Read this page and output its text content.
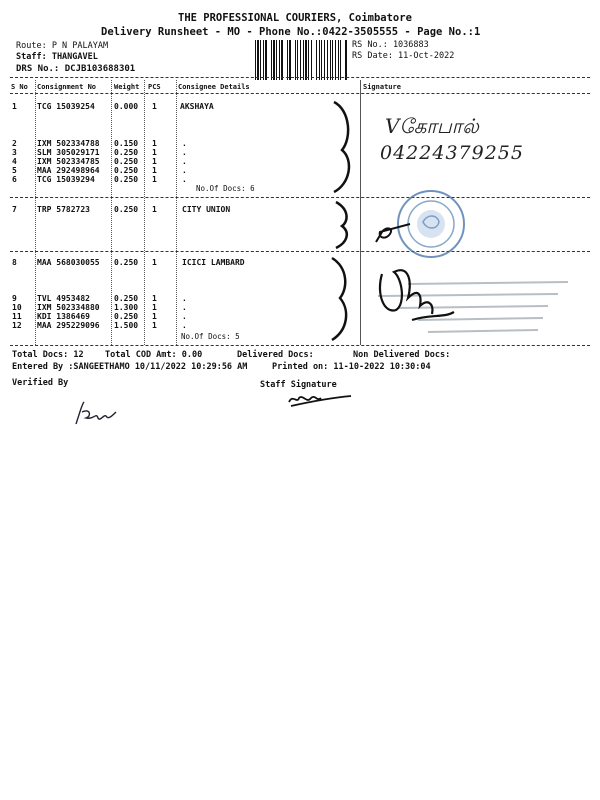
THE PROFESSIONAL COURIERS, Coimbatore
Delivery Runsheet - MO - Phone No.:0422-3505555 - Page No.:1
Route: P N PALAYAM
Staff: THANGAVEL
DRS No.: DCJB103688301
RS No.: 1036883
RS Date: 11-Oct-2022
S No Consignment No	Weight PCS Consignee Details	Signature
1	TCG 15039254 0.000 1	AKSHAYA
2	IXM 502334788 0.150 1	.
3	SLM 305029171 0.250 1	.
4	IXM 502334785 0.250 1	.
5	MAA 292498964 0.250 1	.
6	TCG 15039294 0.250 1	.
No.Of Docs: 6
7	TRP 5782723	0.250 1	CITY UNION
8	MAA 568030055 0.250 1	ICICI LAMBARD
9	TVL 4953482	0.250 1	.
10 IXM 502334880 1.300 1	.
11 KDI 1386469	0.250 1	.
12 MAA 295229096 1.500 1	.
No.Of Docs: 5
Total Docs: 12	Total COD Amt: 0.00	Delivered Docs:	Non Delivered Docs:
Entered By :SANGEETHAMO 10/11/2022 10:29:56 AM	Printed on: 11-10-2022 10:30:04
Verified By	Staff Signature
Vகோபால்
04224379255
